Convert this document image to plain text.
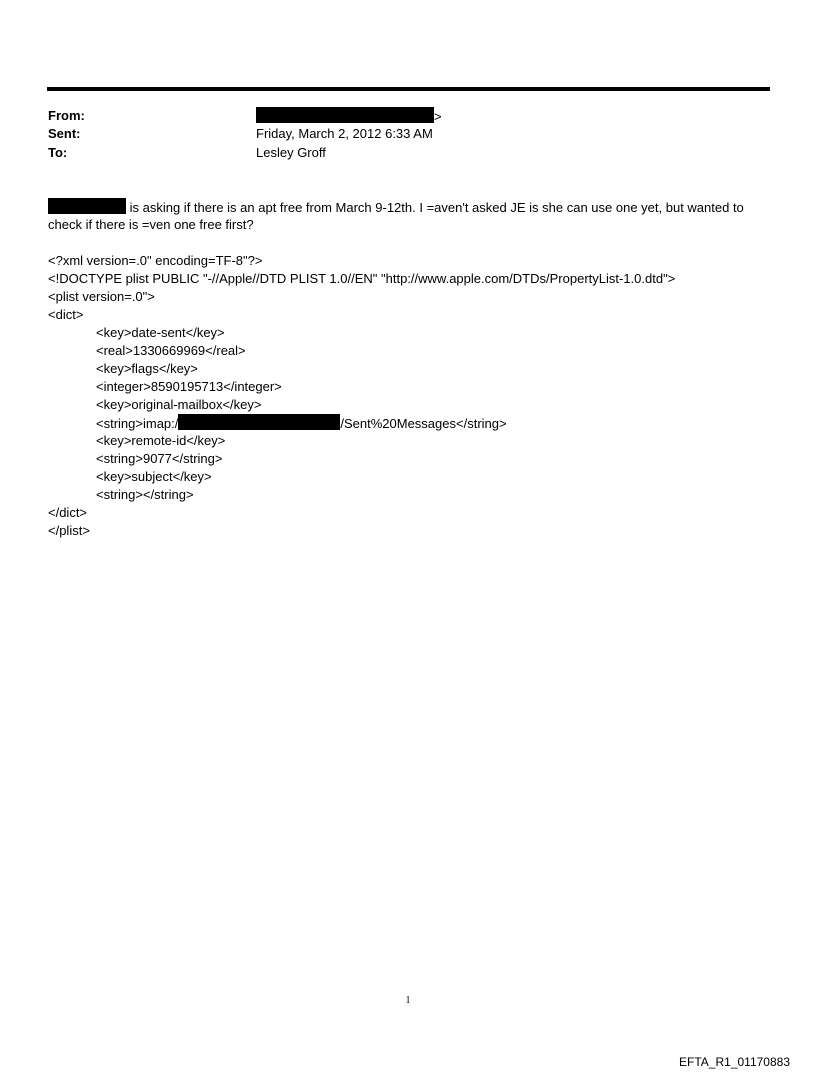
From:	>
Sent:	Friday, March 2, 2012 6:33 AM
To:	Lesley Groff
is asking if there is an apt free from March 9-12th. I =aven't asked JE is she can use one yet, but wanted to
check if there is =ven one free first?
<?xml version=.0" encoding=TF-8"?>
<!DOCTYPE plist PUBLIC "-//Apple//DTD PLIST 1.0//EN" "http://www.apple.com/DTDs/PropertyList-1.0.dtd">
<plist version=.0">
<dict>
<key>date-sent</key>
<real>1330669969</real>
<key>flags</key>
<integer>8590195713</integer>
<key>original-mailbox</key>
<string>imap:/	/Sent%20Messages</string>
<key>remote-id</key>
<string>9077</string>
<key>subject</key>
<string></string>
</dict>
</plist>
1
EFTA_R1_01170883
